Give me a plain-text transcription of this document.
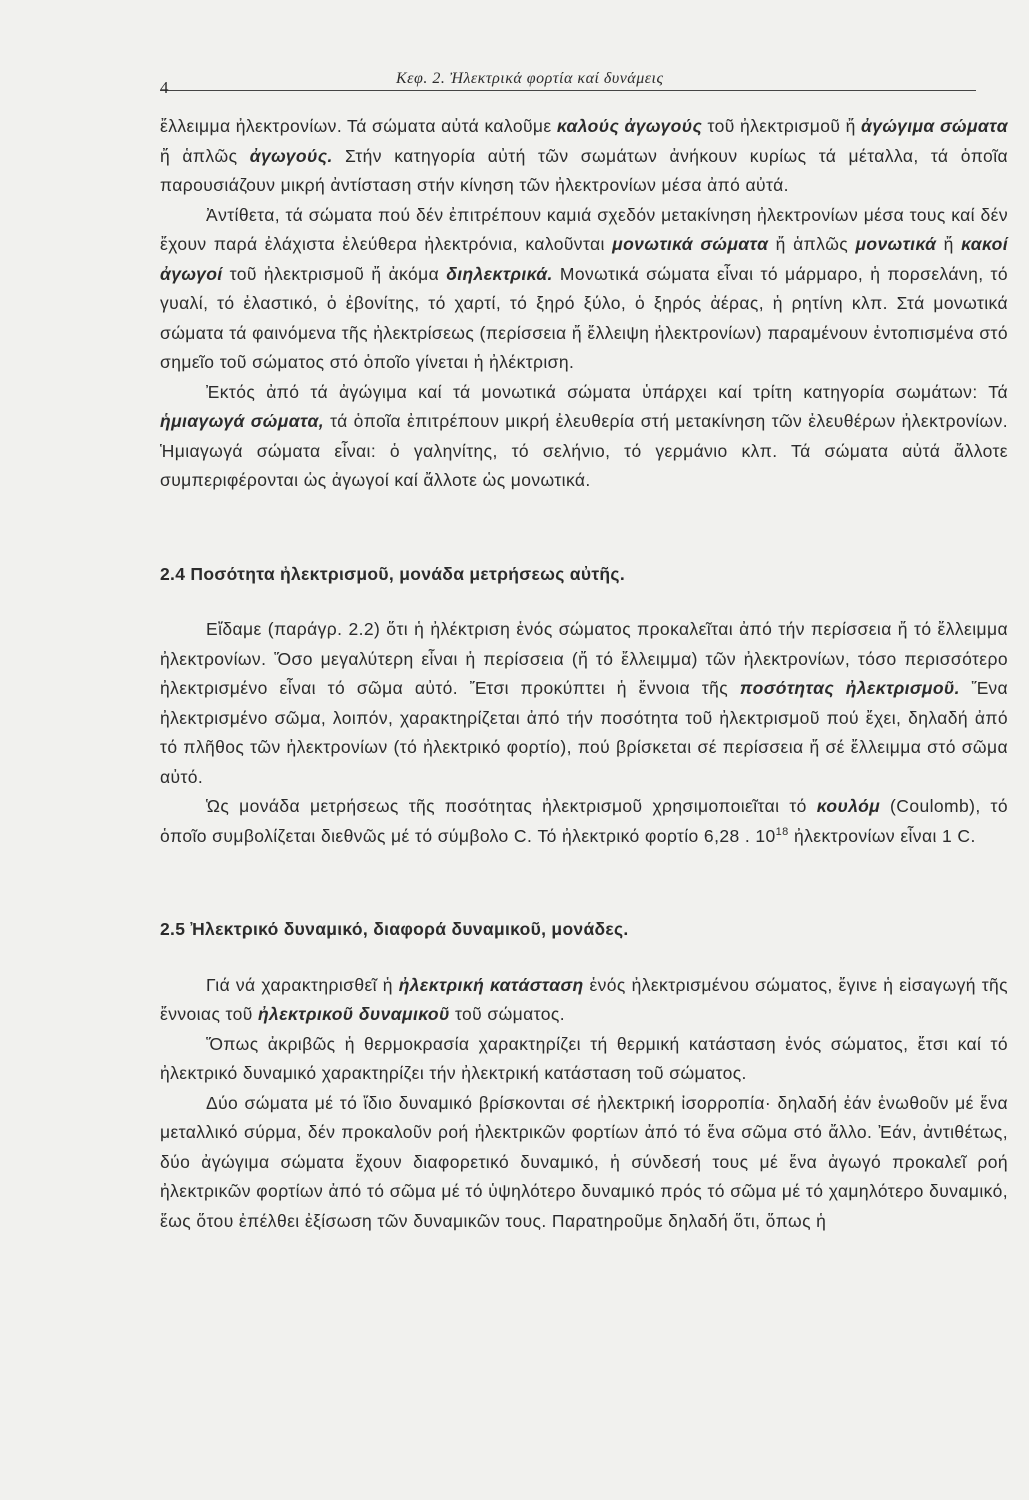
4	Κεφ. 2. Ἠλεκτρικά φορτία καί δυνάμεις

ἔλλειμμα ἠλεκτρονίων. Τά σώματα αὐτά καλοῦμε καλούς ἀγωγούς τοῦ ἠλεκτρισμοῦ ἤ ἀγώγιμα σώματα ἤ ἁπλῶς ἀγωγούς. Στήν κατηγορία αὐτή τῶν σωμάτων ἀνήκουν κυρίως τά μέταλλα, τά ὁποῖα παρουσιάζουν μικρή ἀντίσταση στήν κίνηση τῶν ἠλεκτρονίων μέσα ἀπό αὐτά.

Ἀντίθετα, τά σώματα πού δέν ἐπιτρέπουν καμιά σχεδόν μετακίνηση ἠλεκτρονίων μέσα τους καί δέν ἔχουν παρά ἐλάχιστα ἐλεύθερα ἠλεκτρόνια, καλοῦνται μονωτικά σώματα ἤ ἁπλῶς μονωτικά ἤ κακοί ἀγωγοί τοῦ ἠλεκτρισμοῦ ἤ ἀκόμα διηλεκτρικά. Μονωτικά σώματα εἶναι τό μάρμαρο, ἡ πορσελάνη, τό γυαλί, τό ἐλαστικό, ὁ ἐβονίτης, τό χαρτί, τό ξηρό ξύλο, ὁ ξηρός ἀέρας, ἡ ρητίνη κλπ. Στά μονωτικά σώματα τά φαινόμενα τῆς ἠλεκτρίσεως (περίσσεια ἤ ἔλλειψη ἠλεκτρονίων) παραμένουν ἐντοπισμένα στό σημεῖο τοῦ σώματος στό ὁποῖο γίνεται ἡ ἠλέκτριση.

Ἐκτός ἀπό τά ἀγώγιμα καί τά μονωτικά σώματα ὑπάρχει καί τρίτη κατηγορία σωμάτων: Τά ἡμιαγωγά σώματα, τά ὁποῖα ἐπιτρέπουν μικρή ἐλευθερία στή μετακίνηση τῶν ἐλευθέρων ἠλεκτρονίων. Ἡμιαγωγά σώματα εἶναι: ὁ γαληνίτης, τό σελήνιο, τό γερμάνιο κλπ. Τά σώματα αὐτά ἄλλοτε συμπεριφέρονται ὡς ἀγωγοί καί ἄλλοτε ὡς μονωτικά.

2.4 Ποσότητα ἠλεκτρισμοῦ, μονάδα μετρήσεως αὐτῆς.

Εἴδαμε (παράγρ. 2.2) ὅτι ἡ ἠλέκτριση ἑνός σώματος προκαλεῖται ἀπό τήν περίσσεια ἤ τό ἔλλειμμα ἠλεκτρονίων. Ὅσο μεγαλύτερη εἶναι ἡ περίσσεια (ἤ τό ἔλλειμμα) τῶν ἠλεκτρονίων, τόσο περισσότερο ἠλεκτρισμένο εἶναι τό σῶμα αὐτό. Ἔτσι προκύπτει ἡ ἔννοια τῆς ποσότητας ἠλεκτρισμοῦ. Ἕνα ἠλεκτρισμένο σῶμα, λοιπόν, χαρακτηρίζεται ἀπό τήν ποσότητα τοῦ ἠλεκτρισμοῦ πού ἔχει, δηλαδή ἀπό τό πλῆθος τῶν ἠλεκτρονίων (τό ἠλεκτρικό φορτίο), πού βρίσκεται σέ περίσσεια ἤ σέ ἔλλειμμα στό σῶμα αὐτό.

Ὡς μονάδα μετρήσεως τῆς ποσότητας ἠλεκτρισμοῦ χρησιμοποιεῖται τό κουλόμ (Coulomb), τό ὁποῖο συμβολίζεται διεθνῶς μέ τό σύμβολο C. Τό ἠλεκτρικό φορτίο 6,28 . $10^{18}$ ἠλεκτρονίων εἶναι 1 C.

2.5 Ἠλεκτρικό δυναμικό, διαφορά δυναμικοῦ, μονάδες.

Γιά νά χαρακτηρισθεῖ ἡ ἠλεκτρική κατάσταση ἑνός ἠλεκτρισμένου σώματος, ἔγινε ἡ εἰσαγωγή τῆς ἔννοιας τοῦ ἠλεκτρικοῦ δυναμικοῦ τοῦ σώματος.

Ὅπως ἀκριβῶς ἡ θερμοκρασία χαρακτηρίζει τή θερμική κατάσταση ἑνός σώματος, ἔτσι καί τό ἠλεκτρικό δυναμικό χαρακτηρίζει τήν ἠλεκτρική κατάσταση τοῦ σώματος.

Δύο σώματα μέ τό ἴδιο δυναμικό βρίσκονται σέ ἠλεκτρική ἰσορροπία· δηλαδή ἐάν ἑνωθοῦν μέ ἕνα μεταλλικό σύρμα, δέν προκαλοῦν ροή ἠλεκτρικῶν φορτίων ἀπό τό ἕνα σῶμα στό ἄλλο. Ἐάν, ἀντιθέτως, δύο ἀγώγιμα σώματα ἔχουν διαφορετικό δυναμικό, ἡ σύνδεσή τους μέ ἕνα ἀγωγό προκαλεῖ ροή ἠλεκτρικῶν φορτίων ἀπό τό σῶμα μέ τό ὑψηλότερο δυναμικό πρός τό σῶμα μέ τό χαμηλότερο δυναμικό, ἕως ὅτου ἐπέλθει ἐξίσωση τῶν δυναμικῶν τους. Παρατηροῦμε δηλαδή ὅτι, ὅπως ἡ
